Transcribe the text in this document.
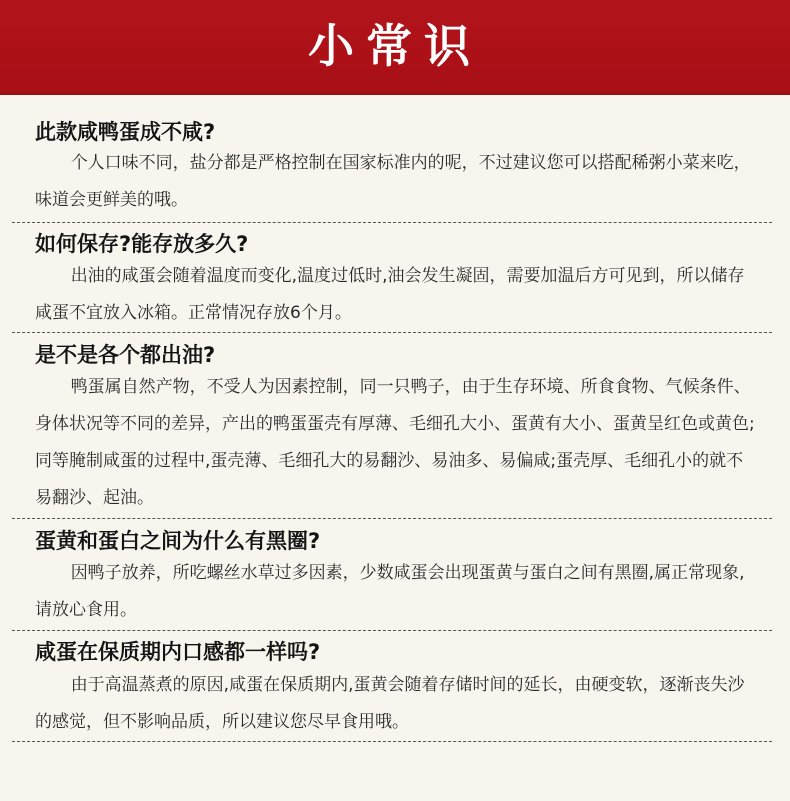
小常识
此款咸鸭蛋成不咸?
个人口味不同，盐分都是严格控制在国家标准内的呢，不过建议您可以搭配稀粥小菜来吃，味道会更鲜美的哦。
如何保存?能存放多久?
出油的咸蛋会随着温度而变化,温度过低时,油会发生凝固，需要加温后方可见到，所以储存咸蛋不宜放入冰箱。正常情况存放6个月。
是不是各个都出油?
鸭蛋属自然产物，不受人为因素控制，同一只鸭子，由于生存环境、所食食物、气候条件、身体状况等不同的差异，产出的鸭蛋蛋壳有厚薄、毛细孔大小、蛋黄有大小、蛋黄呈红色或黄色;同等腌制咸蛋的过程中,蛋壳薄、毛细孔大的易翻沙、易油多、易偏咸;蛋壳厚、毛细孔小的就不易翻沙、起油。
蛋黄和蛋白之间为什么有黑圈?
因鸭子放养，所吃螺丝水草过多因素，少数咸蛋会出现蛋黄与蛋白之间有黑圈,属正常现象,请放心食用。
咸蛋在保质期内口感都一样吗?
由于高温蒸煮的原因,咸蛋在保质期内,蛋黄会随着存储时间的延长，由硬变软，逐渐丧失沙的感觉，但不影响品质，所以建议您尽早食用哦。
